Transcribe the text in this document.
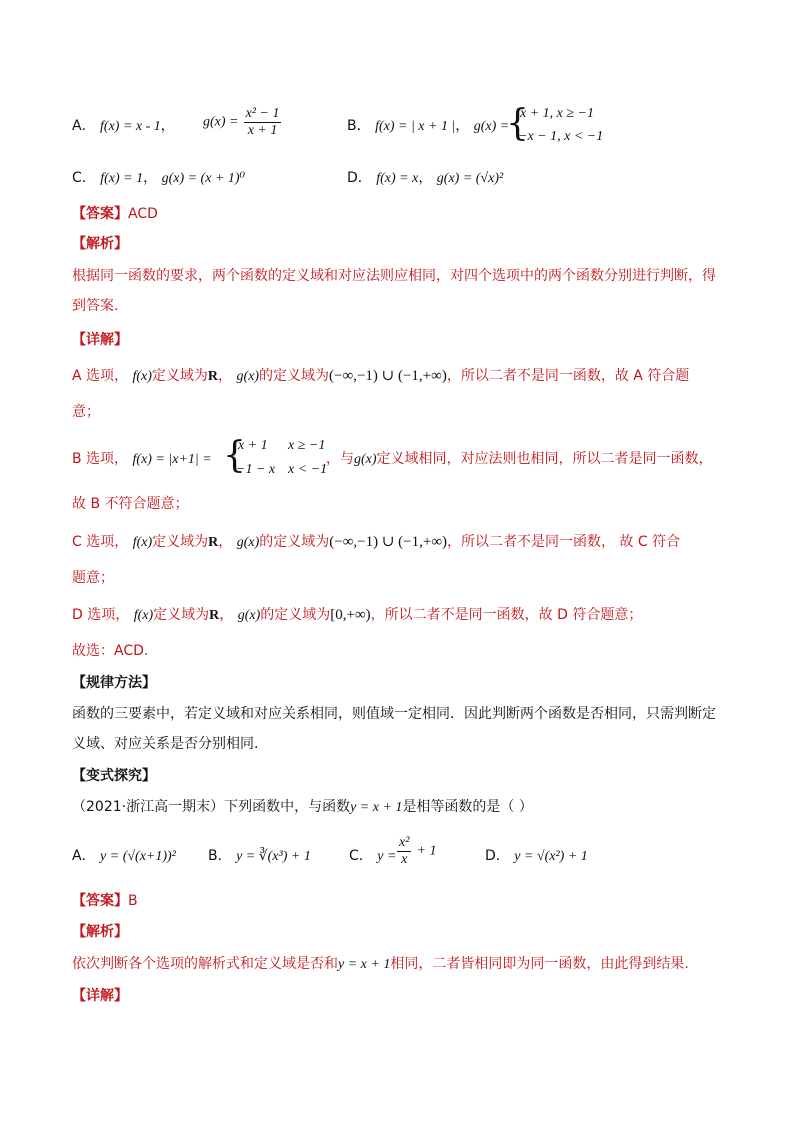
A． f(x) = x - 1， $g(x) = \frac{\text{x² − 1}}{x + 1}$	B． f(x) = | x + 1 |， g(x) =
{
x + 1, x ≥ −1
−x − 1, x < −1
C． f(x) = 1， g(x) = (x + 1)⁰	D． f(x) = x， g(x) = (√x)²
【答案】ACD
【解析】
根据同一函数的要求，两个函数的定义域和对应法则应相同，对四个选项中的两个函数分别进行判断，得
到答案.
【详解】
A 选项， f(x)定义域为R， g(x)的定义域为(−∞,−1) ∪ (−1,+∞)，所以二者不是同一函数，故 A 符合题
意；
B 选项， f(x) = |x+1| = {
x + 1 x ≥ −1
−1 − x x < −1
，与g(x)定义域相同，对应法则也相同，所以二者是同一函数，
故 B 不符合题意；
C 选项， f(x)定义域为R， g(x)的定义域为(−∞,−1) ∪ (−1,+∞)，所以二者不是同一函数， 故 C 符合
题意；
D 选项， f(x)定义域为R， g(x)的定义域为[0,+∞)，所以二者不是同一函数，故 D 符合题意；
故选：ACD.
【规律方法】
函数的三要素中，若定义域和对应关系相同，则值域一定相同．因此判断两个函数是否相同，只需判断定
义域、对应关系是否分别相同.
【变式探究】
（2021·浙江高一期末）下列函数中，与函数y = x + 1是相等函数的是（ ）
A． y = (√(x+1))² B． y = ∛(x³) + 1	C． $y = \frac{\text{x²}}{x} + 1$	D． y = √(x²) + 1
【答案】B
【解析】
依次判断各个选项的解析式和定义域是否和y = x + 1相同，二者皆相同即为同一函数，由此得到结果.
【详解】
